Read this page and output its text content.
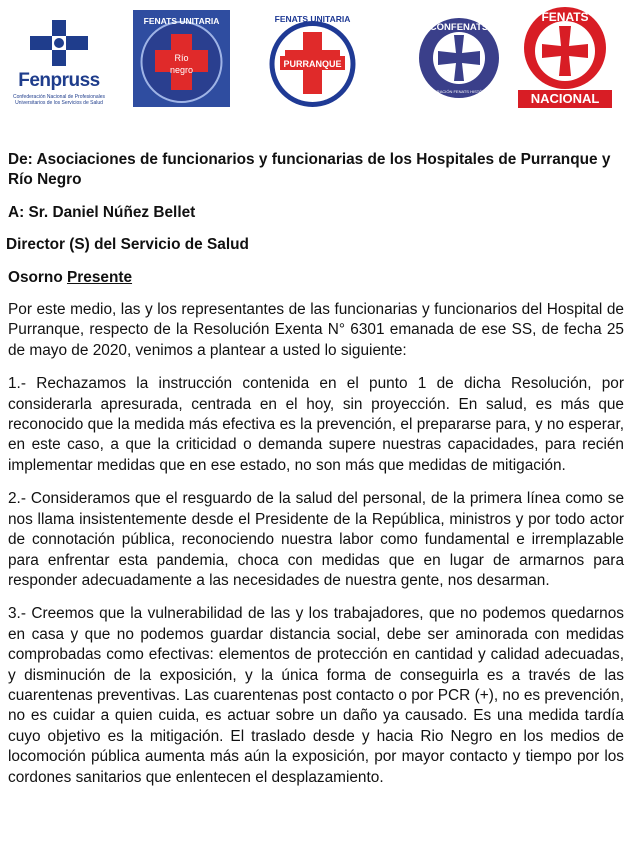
Fenpruss
Confederación Nacional de Profesionales Universitarios de los Servicios de Salud
FENATS UNITARIA
Río
negro
FENATS UNITARIA
PURRANQUE
CONFENATS
FEDERACIÓN FENATS HISTÓRICA
FENATS
NACIONAL

De: Asociaciones de funcionarios y funcionarias de los Hospitales de Purranque y Río Negro

A: Sr. Daniel Núñez Bellet

Director (S) del Servicio de Salud

Osorno Presente

Por este medio, las y los representantes de las funcionarias y funcionarios del Hospital de Purranque, respecto de la Resolución Exenta N° 6301 emanada de ese SS, de fecha 25 de mayo de 2020, venimos a plantear a usted lo siguiente:

1.- Rechazamos la instrucción contenida en el punto 1 de dicha Resolución, por considerarla apresurada, centrada en el hoy, sin proyección. En salud, es más que reconocido que la medida más efectiva es la prevención, el prepararse para, y no esperar, en este caso, a que la criticidad o demanda supere nuestras capacidades, para recién implementar medidas que en ese estado, no son más que medidas de mitigación.

2.- Consideramos que el resguardo de la salud del personal, de la primera línea como se nos llama insistentemente desde el Presidente de la República, ministros y por todo actor de connotación pública, reconociendo nuestra labor como fundamental e irremplazable para enfrentar esta pandemia, choca con medidas que en lugar de armarnos para responder adecuadamente a las necesidades de nuestra gente, nos desarman.

3.- Creemos que la vulnerabilidad de las y los trabajadores, que no podemos quedarnos en casa y que no podemos guardar distancia social, debe ser aminorada con medidas comprobadas como efectivas: elementos de protección en cantidad y calidad adecuadas, y disminución de la exposición, y la única forma de conseguirla es a través de las cuarentenas preventivas. Las cuarentenas post contacto o por PCR (+), no es prevención, no es cuidar a quien cuida, es actuar sobre un daño ya causado. Es una medida tardía cuyo objetivo es la mitigación. El traslado desde y hacia Rio Negro en los medios de locomoción pública aumenta más aún la exposición, por mayor contacto y tiempo por los cordones sanitarios que enlentecen el desplazamiento.
